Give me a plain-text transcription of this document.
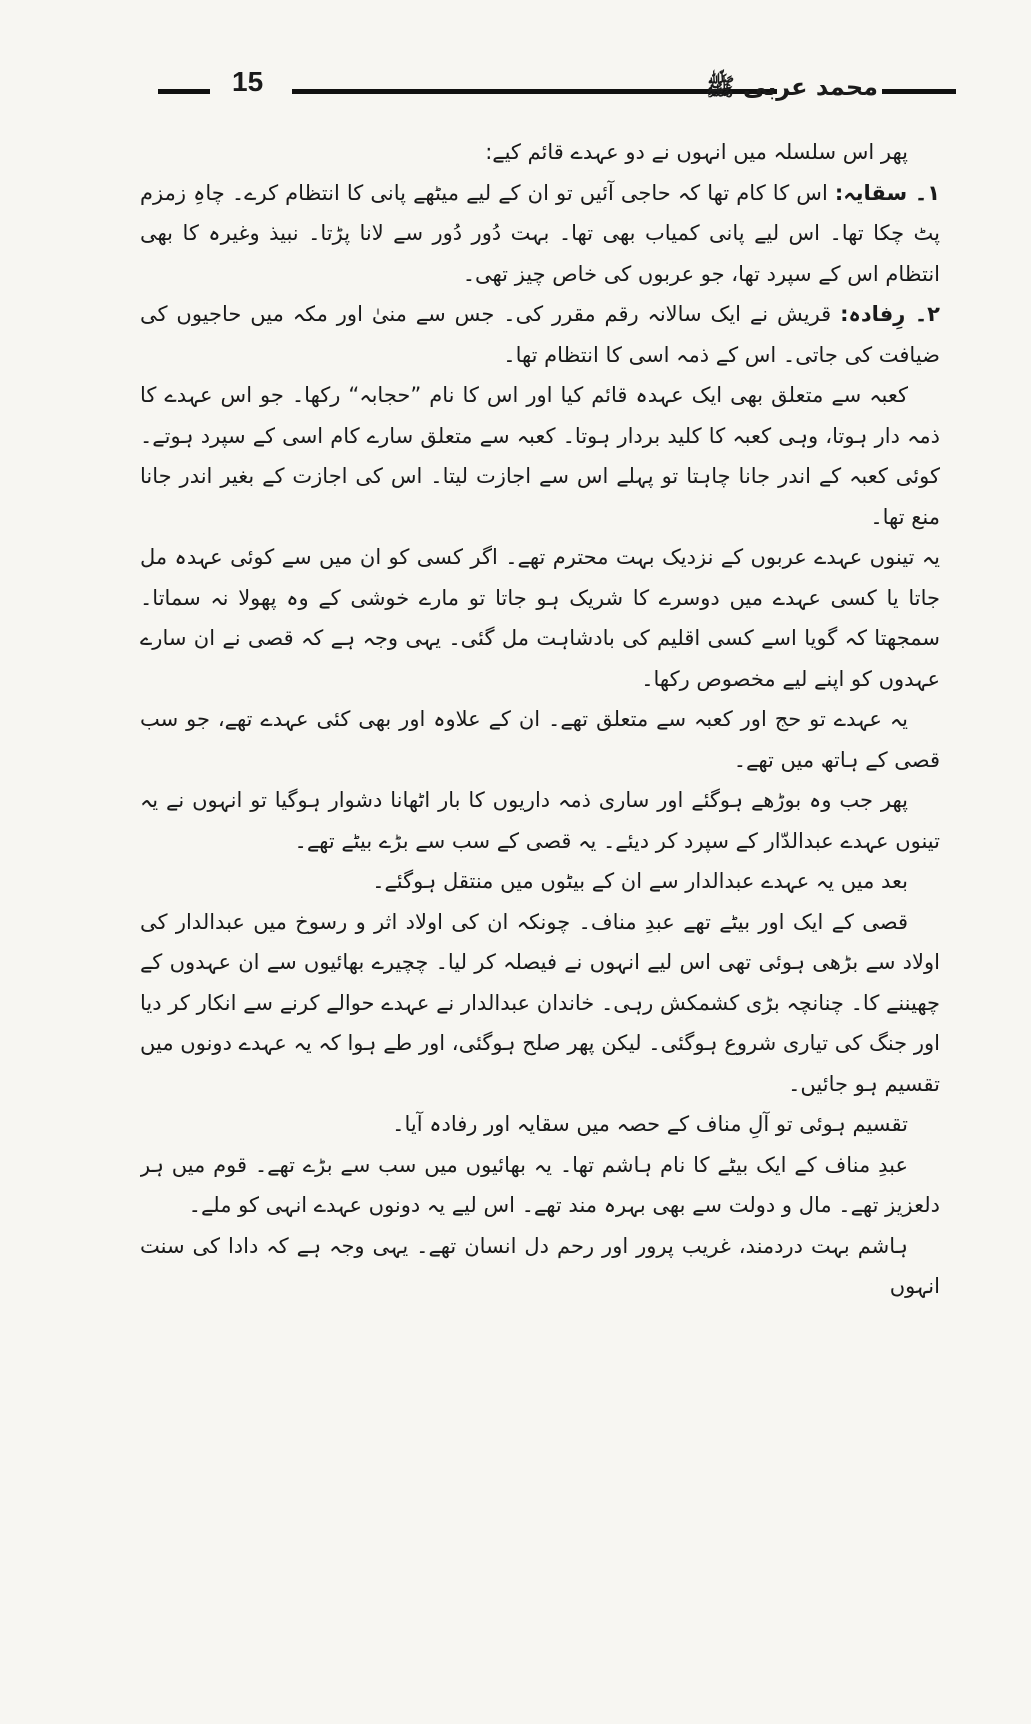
15	محمد عربی ﷺ

پھر اس سلسلہ میں انہوں نے دو عہدے قائم کیے:

۱۔ سقایہ: اس کا کام تھا کہ حاجی آئیں تو ان کے لیے میٹھے پانی کا انتظام کرے۔ چاہِ زمزم پٹ چکا تھا۔ اس لیے پانی کمیاب بھی تھا۔ بہت دُور دُور سے لانا پڑتا۔ نبیذ وغیرہ کا بھی انتظام اس کے سپرد تھا، جو عربوں کی خاص چیز تھی۔

۲۔ رِفادہ: قریش نے ایک سالانہ رقم مقرر کی۔ جس سے منیٰ اور مکہ میں حاجیوں کی ضیافت کی جاتی۔ اس کے ذمہ اسی کا انتظام تھا۔

کعبہ سے متعلق بھی ایک عہدہ قائم کیا اور اس کا نام ”حجابہ“ رکھا۔ جو اس عہدے کا ذمہ دار ہوتا، وہی کعبہ کا کلید بردار ہوتا۔ کعبہ سے متعلق سارے کام اسی کے سپرد ہوتے۔ کوئی کعبہ کے اندر جانا چاہتا تو پہلے اس سے اجازت لیتا۔ اس کی اجازت کے بغیر اندر جانا منع تھا۔

یہ تینوں عہدے عربوں کے نزدیک بہت محترم تھے۔ اگر کسی کو ان میں سے کوئی عہدہ مل جاتا یا کسی عہدے میں دوسرے کا شریک ہو جاتا تو مارے خوشی کے وہ پھولا نہ سماتا۔ سمجھتا کہ گویا اسے کسی اقلیم کی بادشاہت مل گئی۔ یہی وجہ ہے کہ قصی نے ان سارے عہدوں کو اپنے لیے مخصوص رکھا۔

یہ عہدے تو حج اور کعبہ سے متعلق تھے۔ ان کے علاوہ اور بھی کئی عہدے تھے، جو سب قصی کے ہاتھ میں تھے۔

پھر جب وہ بوڑھے ہوگئے اور ساری ذمہ داریوں کا بار اٹھانا دشوار ہوگیا تو انہوں نے یہ تینوں عہدے عبدالدّار کے سپرد کر دیئے۔ یہ قصی کے سب سے بڑے بیٹے تھے۔

بعد میں یہ عہدے عبدالدار سے ان کے بیٹوں میں منتقل ہوگئے۔

قصی کے ایک اور بیٹے تھے عبدِ مناف۔ چونکہ ان کی اولاد اثر و رسوخ میں عبدالدار کی اولاد سے بڑھی ہوئی تھی اس لیے انہوں نے فیصلہ کر لیا۔ چچیرے بھائیوں سے ان عہدوں کے چھیننے کا۔ چنانچہ بڑی کشمکش رہی۔ خاندان عبدالدار نے عہدے حوالے کرنے سے انکار کر دیا اور جنگ کی تیاری شروع ہوگئی۔ لیکن پھر صلح ہوگئی، اور طے ہوا کہ یہ عہدے دونوں میں تقسیم ہو جائیں۔

تقسیم ہوئی تو آلِ مناف کے حصہ میں سقایہ اور رفادہ آیا۔

عبدِ مناف کے ایک بیٹے کا نام ہاشم تھا۔ یہ بھائیوں میں سب سے بڑے تھے۔ قوم میں ہر دلعزیز تھے۔ مال و دولت سے بھی بہرہ مند تھے۔ اس لیے یہ دونوں عہدے انہی کو ملے۔

ہاشم بہت دردمند، غریب پرور اور رحم دل انسان تھے۔ یہی وجہ ہے کہ دادا کی سنت انہوں
